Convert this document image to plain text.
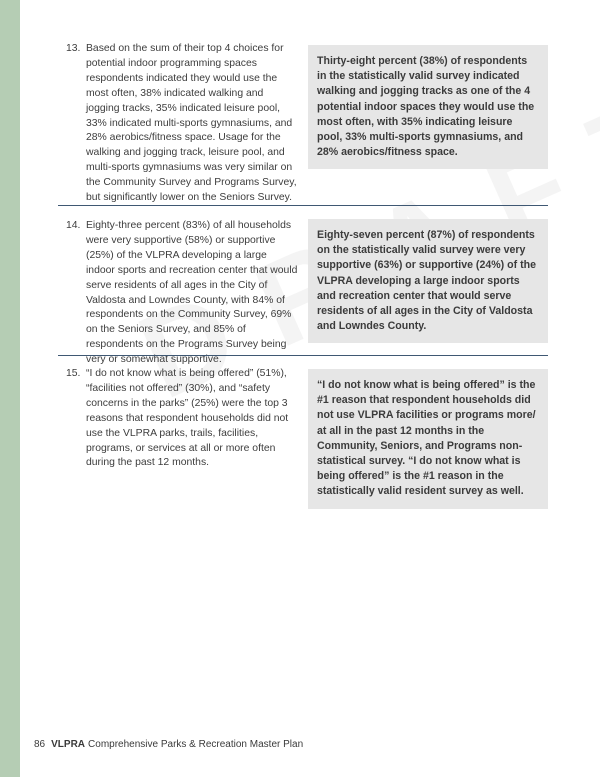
13. Based on the sum of their top 4 choices for potential indoor programming spaces respondents indicated they would use the most often, 38% indicated walking and jogging tracks, 35% indicated leisure pool, 33% indicated multi-sports gymnasiums, and 28% aerobics/fitness space. Usage for the walking and jogging track, leisure pool, and multi-sports gymnasiums was very similar on the Community Survey and Programs Survey, but significantly lower on the Seniors Survey.
Thirty-eight percent (38%) of respondents in the statistically valid survey indicated walking and jogging tracks as one of the 4 potential indoor spaces they would use the most often, with 35% indicating leisure pool, 33% multi-sports gymnasiums, and 28% aerobics/fitness space.
14. Eighty-three percent (83%) of all households were very supportive (58%) or supportive (25%) of the VLPRA developing a large indoor sports and recreation center that would serve residents of all ages in the City of Valdosta and Lowndes County, with 84% of respondents on the Community Survey, 69% on the Seniors Survey, and 85% of respondents on the Programs Survey being very or somewhat supportive.
Eighty-seven percent (87%) of respondents on the statistically valid survey were very supportive (63%) or supportive (24%) of the VLPRA developing a large indoor sports and recreation center that would serve residents of all ages in the City of Valdosta and Lowndes County.
15. “I do not know what is being offered” (51%), “facilities not offered” (30%), and “safety concerns in the parks” (25%) were the top 3 reasons that respondent households did not use the VLPRA parks, trails, facilities, programs, or services at all or more often during the past 12 months.
“I do not know what is being offered” is the #1 reason that respondent households did not use VLPRA facilities or programs more/ at all in the past 12 months in the Community, Seniors, and Programs non-statistical survey. “I do not know what is being offered” is the #1 reason in the statistically valid resident survey as well.
86 VLPRA Comprehensive Parks & Recreation Master Plan
